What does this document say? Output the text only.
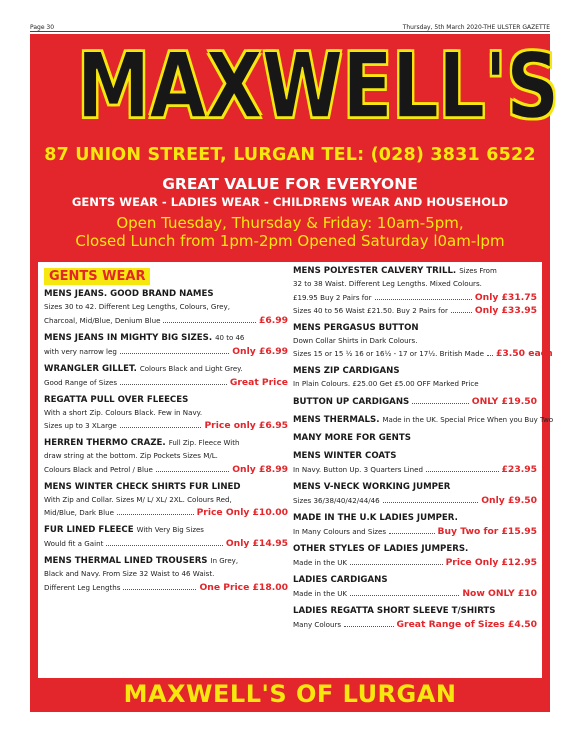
Page 30	Thursday, 5th March 2020-THE ULSTER GAZETTE
MAXWELL'S
87 UNION STREET, LURGAN TEL: (028) 3831 6522
GREAT VALUE FOR EVERYONE
GENTS WEAR - LADIES WEAR - CHILDRENS WEAR AND HOUSEHOLD
Open Tuesday, Thursday & Friday: 10am-5pm,
Closed Lunch from 1pm-2pm Opened Saturday l0am-lpm
GENTS WEAR
MENS JEANS. GOOD BRAND NAMES
Sizes 30 to 42. Different Leg Lengths, Colours, Grey,
Charcoal, Mid/Blue, Denium Blue	£6.99
MENS JEANS IN MIGHTY BIG SIZES. 40 to 46
with very narrow leg	Only £6.99
WRANGLER GILLET. Colours Black and Light Grey.
Good Range of Sizes	Great Price
REGATTA PULL OVER FLEECES
With a short Zip. Colours Black. Few in Navy.
Sizes up to 3 XLarge	Price only £6.95
HERREN THERMO CRAZE. Full Zip. Fleece With
draw string at the bottom. Zip Pockets Sizes M/L.
Colours Black and Petrol / Blue	Only £8.99
MENS WINTER CHECK SHIRTS FUR LINED
With Zip and Collar. Sizes M/ L/ XL/ 2XL. Colours Red,
Mid/Blue, Dark Blue	Price Only £10.00
FUR LINED FLEECE With Very Big Sizes
Would fit a Gaint	Only £14.95
MENS THERMAL LINED TROUSERS In Grey,
Black and Navy. From Size 32 Waist to 46 Waist.
Different Leg Lengths	One Price £18.00
MENS POLYESTER CALVERY TRILL. Sizes From
32 to 38 Waist. Different Leg Lengths. Mixed Colours.
£19.95 Buy 2 Pairs for	Only £31.75
Sizes 40 to 56 Waist £21.50. Buy 2 Pairs for	Only £33.95
MENS PERGASUS BUTTON
Down Collar Shirts in Dark Colours.
Sizes 15 or 15 ½ 16 or 16½ - 17 or 17½. British Made £3.50 each
MENS ZIP CARDIGANS
In Plain Colours. £25.00 Get £5.00 OFF Marked Price
BUTTON UP CARDIGANS	ONLY £19.50
MENS THERMALS. Made in the UK. Special Price When you Buy Two
MANY MORE FOR GENTS
MENS WINTER COATS
In Navy. Button Up. 3 Quarters Lined	£23.95
MENS V-NECK WORKING JUMPER
Sizes 36/38/40/42/44/46	Only £9.50
MADE IN THE U.K LADIES JUMPER.
In Many Colours and Sizes	Buy Two for £15.95
OTHER STYLES OF LADIES JUMPERS.
Made in the UK	Price Only £12.95
LADIES CARDIGANS
Made in the UK	Now ONLY £10
LADIES REGATTA SHORT SLEEVE T/SHIRTS
Many Colours	Great Range of Sizes £4.50
MAXWELL'S OF LURGAN
